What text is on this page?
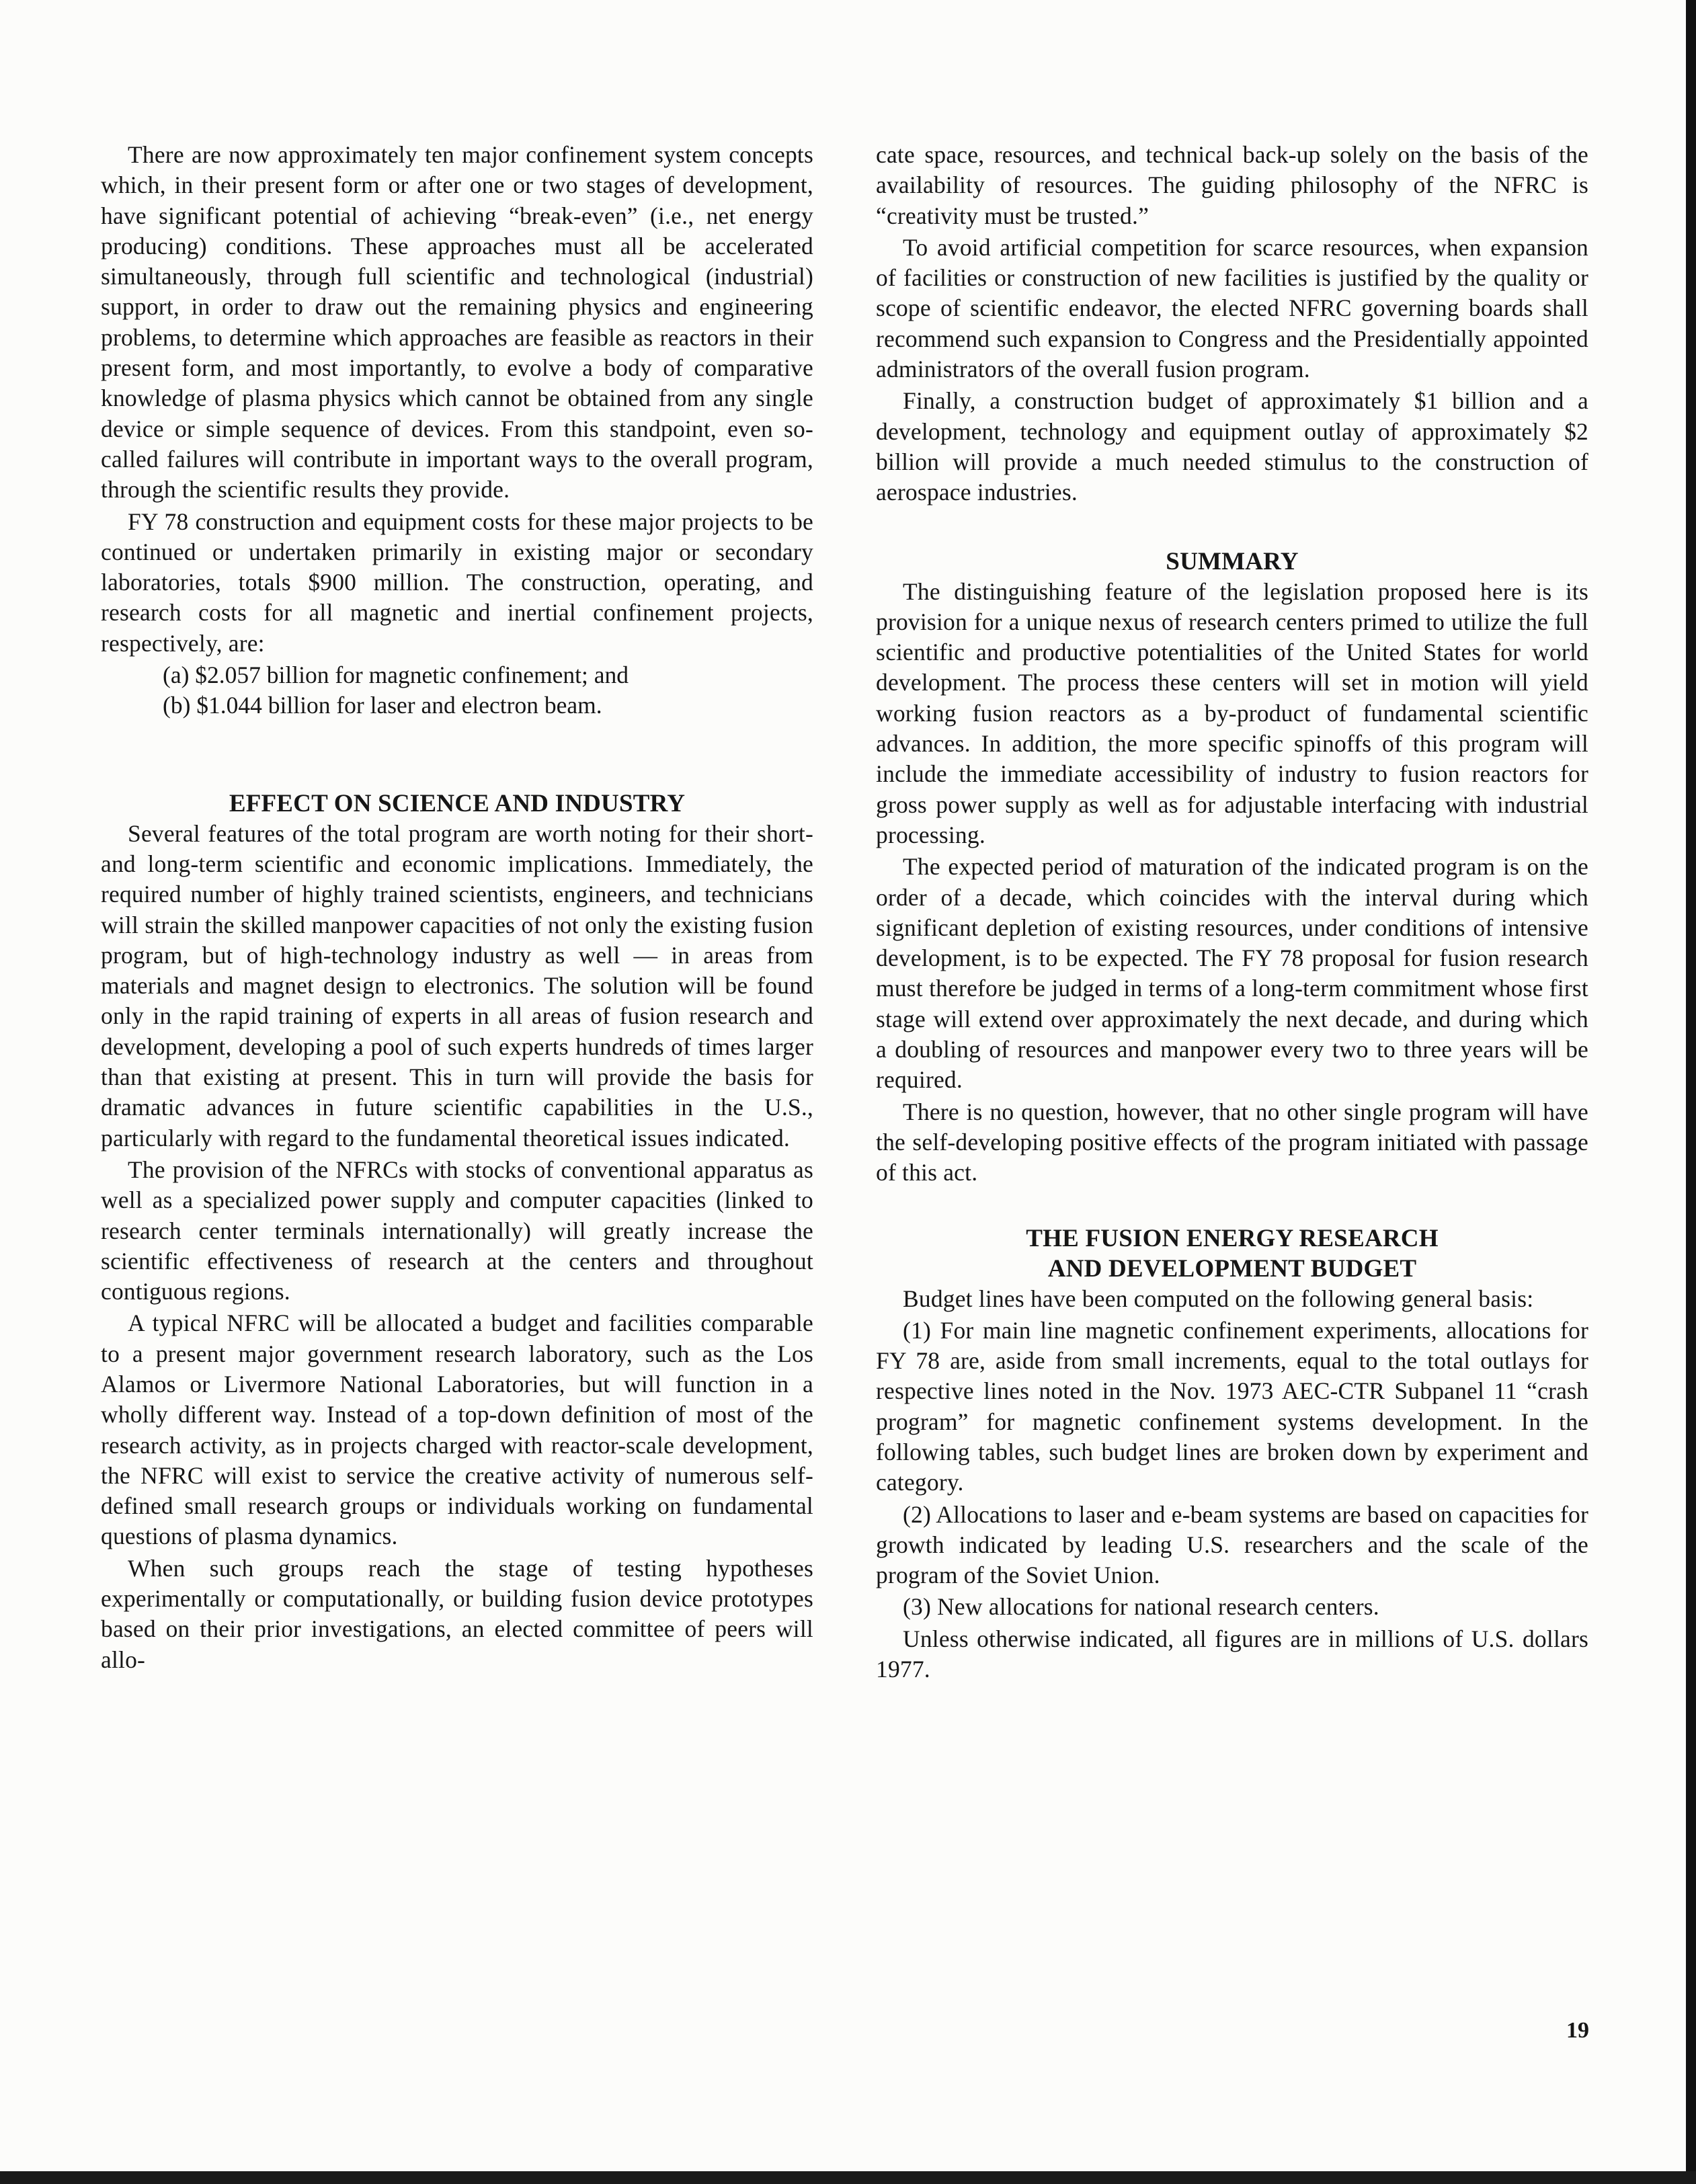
There are now approximately ten major confinement system concepts which, in their present form or after one or two stages of development, have significant potential of achieving “break-even” (i.e., net energy producing) conditions. These approaches must all be accelerated simultaneously, through full scientific and technological (industrial) support, in order to draw out the remaining physics and engineering problems, to determine which approaches are feasible as reactors in their present form, and most importantly, to evolve a body of comparative knowledge of plasma physics which cannot be obtained from any single device or simple sequence of devices. From this standpoint, even so-called failures will contribute in important ways to the overall program, through the scientific results they provide.

FY 78 construction and equipment costs for these major projects to be continued or undertaken primarily in existing major or secondary laboratories, totals $900 million. The construction, operating, and research costs for all magnetic and inertial confinement projects, respectively, are:

(a) $2.057 billion for magnetic confinement; and

(b) $1.044 billion for laser and electron beam.

EFFECT ON SCIENCE AND INDUSTRY

Several features of the total program are worth noting for their short- and long-term scientific and economic implications. Immediately, the required number of highly trained scientists, engineers, and technicians will strain the skilled manpower capacities of not only the existing fusion program, but of high-technology industry as well — in areas from materials and magnet design to electronics. The solution will be found only in the rapid training of experts in all areas of fusion research and development, developing a pool of such experts hundreds of times larger than that existing at present. This in turn will provide the basis for dramatic advances in future scientific capabilities in the U.S., particularly with regard to the fundamental theoretical issues indicated.

The provision of the NFRCs with stocks of conventional apparatus as well as a specialized power supply and computer capacities (linked to research center terminals internationally) will greatly increase the scientific effectiveness of research at the centers and throughout contiguous regions.

A typical NFRC will be allocated a budget and facilities comparable to a present major government research laboratory, such as the Los Alamos or Livermore National Laboratories, but will function in a wholly different way. Instead of a top-down definition of most of the research activity, as in projects charged with reactor-scale development, the NFRC will exist to service the creative activity of numerous self-defined small research groups or individuals working on fundamental questions of plasma dynamics.

When such groups reach the stage of testing hypotheses experimentally or computationally, or building fusion device prototypes based on their prior investigations, an elected committee of peers will allo-

cate space, resources, and technical back-up solely on the basis of the availability of resources. The guiding philosophy of the NFRC is “creativity must be trusted.”

To avoid artificial competition for scarce resources, when expansion of facilities or construction of new facilities is justified by the quality or scope of scientific endeavor, the elected NFRC governing boards shall recommend such expansion to Congress and the Presidentially appointed administrators of the overall fusion program.

Finally, a construction budget of approximately $1 billion and a development, technology and equipment outlay of approximately $2 billion will provide a much needed stimulus to the construction of aerospace industries.

SUMMARY

The distinguishing feature of the legislation proposed here is its provision for a unique nexus of research centers primed to utilize the full scientific and productive potentialities of the United States for world development. The process these centers will set in motion will yield working fusion reactors as a by-product of fundamental scientific advances. In addition, the more specific spinoffs of this program will include the immediate accessibility of industry to fusion reactors for gross power supply as well as for adjustable interfacing with industrial processing.

The expected period of maturation of the indicated program is on the order of a decade, which coincides with the interval during which significant depletion of existing resources, under conditions of intensive development, is to be expected. The FY 78 proposal for fusion research must therefore be judged in terms of a long-term commitment whose first stage will extend over approximately the next decade, and during which a doubling of resources and manpower every two to three years will be required.

There is no question, however, that no other single program will have the self-developing positive effects of the program initiated with passage of this act.

THE FUSION ENERGY RESEARCH

AND DEVELOPMENT BUDGET

Budget lines have been computed on the following general basis:

(1) For main line magnetic confinement experiments, allocations for FY 78 are, aside from small increments, equal to the total outlays for respective lines noted in the Nov. 1973 AEC-CTR Subpanel 11 “crash program” for magnetic confinement systems development. In the following tables, such budget lines are broken down by experiment and category.

(2) Allocations to laser and e-beam systems are based on capacities for growth indicated by leading U.S. researchers and the scale of the program of the Soviet Union.

(3) New allocations for national research centers.

Unless otherwise indicated, all figures are in millions of U.S. dollars 1977.

19
